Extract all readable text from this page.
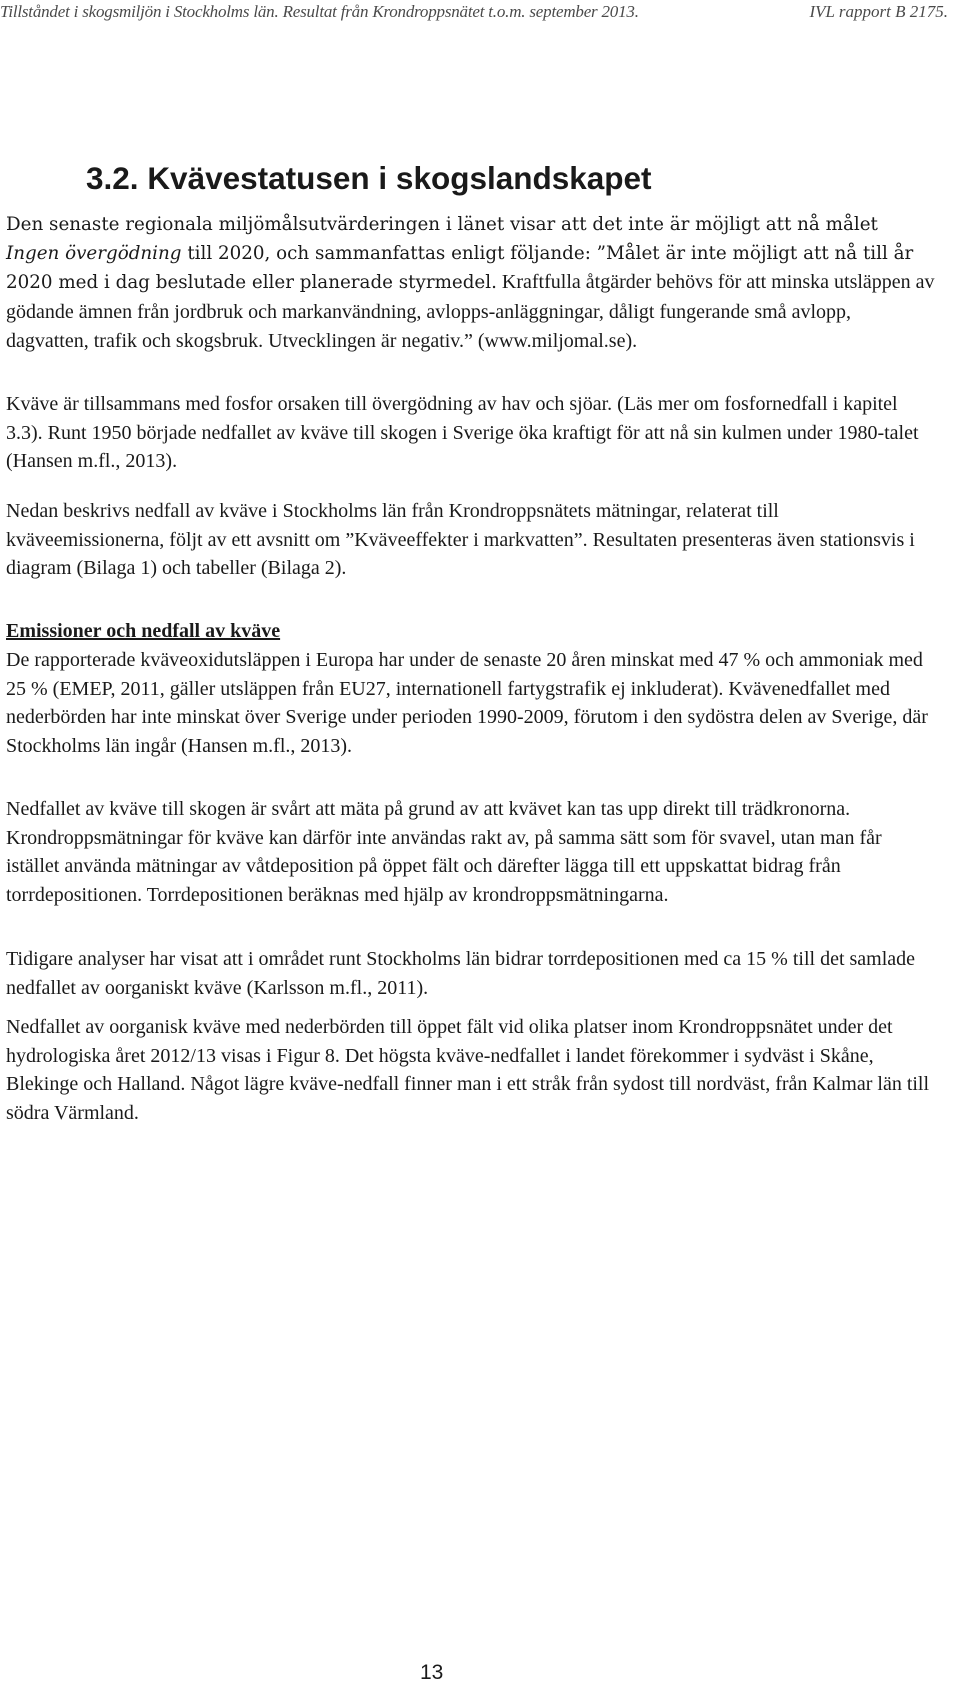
Tillståndet i skogsmiljön i Stockholms län. Resultat från Krondroppsnätet t.o.m. september 2013.	IVL rapport B 2175.
3.2. Kvävestatusen i skogslandskapet

Den senaste regionala miljömålsutvärderingen i länet visar att det inte är möjligt att nå målet Ingen övergödning till 2020, och sammanfattas enligt följande: ”Målet är inte möjligt att nå till år 2020 med i dag beslutade eller planerade styrmedel. Kraftfulla åtgärder behövs för att minska utsläppen av gödande ämnen från jordbruk och markanvändning, avlopps-anläggningar, dåligt fungerande små avlopp, dagvatten, trafik och skogsbruk. Utvecklingen är negativ.” (www.miljomal.se).

Kväve är tillsammans med fosfor orsaken till övergödning av hav och sjöar. (Läs mer om fosfornedfall i kapitel 3.3). Runt 1950 började nedfallet av kväve till skogen i Sverige öka kraftigt för att nå sin kulmen under 1980-talet (Hansen m.fl., 2013).

Nedan beskrivs nedfall av kväve i Stockholms län från Krondroppsnätets mätningar, relaterat till kväveemissionerna, följt av ett avsnitt om ”Kväveeffekter i markvatten”. Resultaten presenteras även stationsvis i diagram (Bilaga 1) och tabeller (Bilaga 2).

Emissioner och nedfall av kväve

De rapporterade kväveoxidutsläppen i Europa har under de senaste 20 åren minskat med 47 % och ammoniak med 25 % (EMEP, 2011, gäller utsläppen från EU27, internationell fartygstrafik ej inkluderat). Kvävenedfallet med nederbörden har inte minskat över Sverige under perioden 1990-2009, förutom i den sydöstra delen av Sverige, där Stockholms län ingår (Hansen m.fl., 2013).

Nedfallet av kväve till skogen är svårt att mäta på grund av att kvävet kan tas upp direkt till trädkronorna. Krondroppsmätningar för kväve kan därför inte användas rakt av, på samma sätt som för svavel, utan man får istället använda mätningar av våtdeposition på öppet fält och därefter lägga till ett uppskattat bidrag från torrdepositionen. Torrdepositionen beräknas med hjälp av krondroppsmätningarna.

Tidigare analyser har visat att i området runt Stockholms län bidrar torrdepositionen med ca 15 % till det samlade nedfallet av oorganiskt kväve (Karlsson m.fl., 2011).

Nedfallet av oorganisk kväve med nederbörden till öppet fält vid olika platser inom Krondroppsnätet under det hydrologiska året 2012/13 visas i Figur 8. Det högsta kväve-nedfallet i landet förekommer i sydväst i Skåne, Blekinge och Halland. Något lägre kväve-nedfall finner man i ett stråk från sydost till nordväst, från Kalmar län till södra Värmland.

13
